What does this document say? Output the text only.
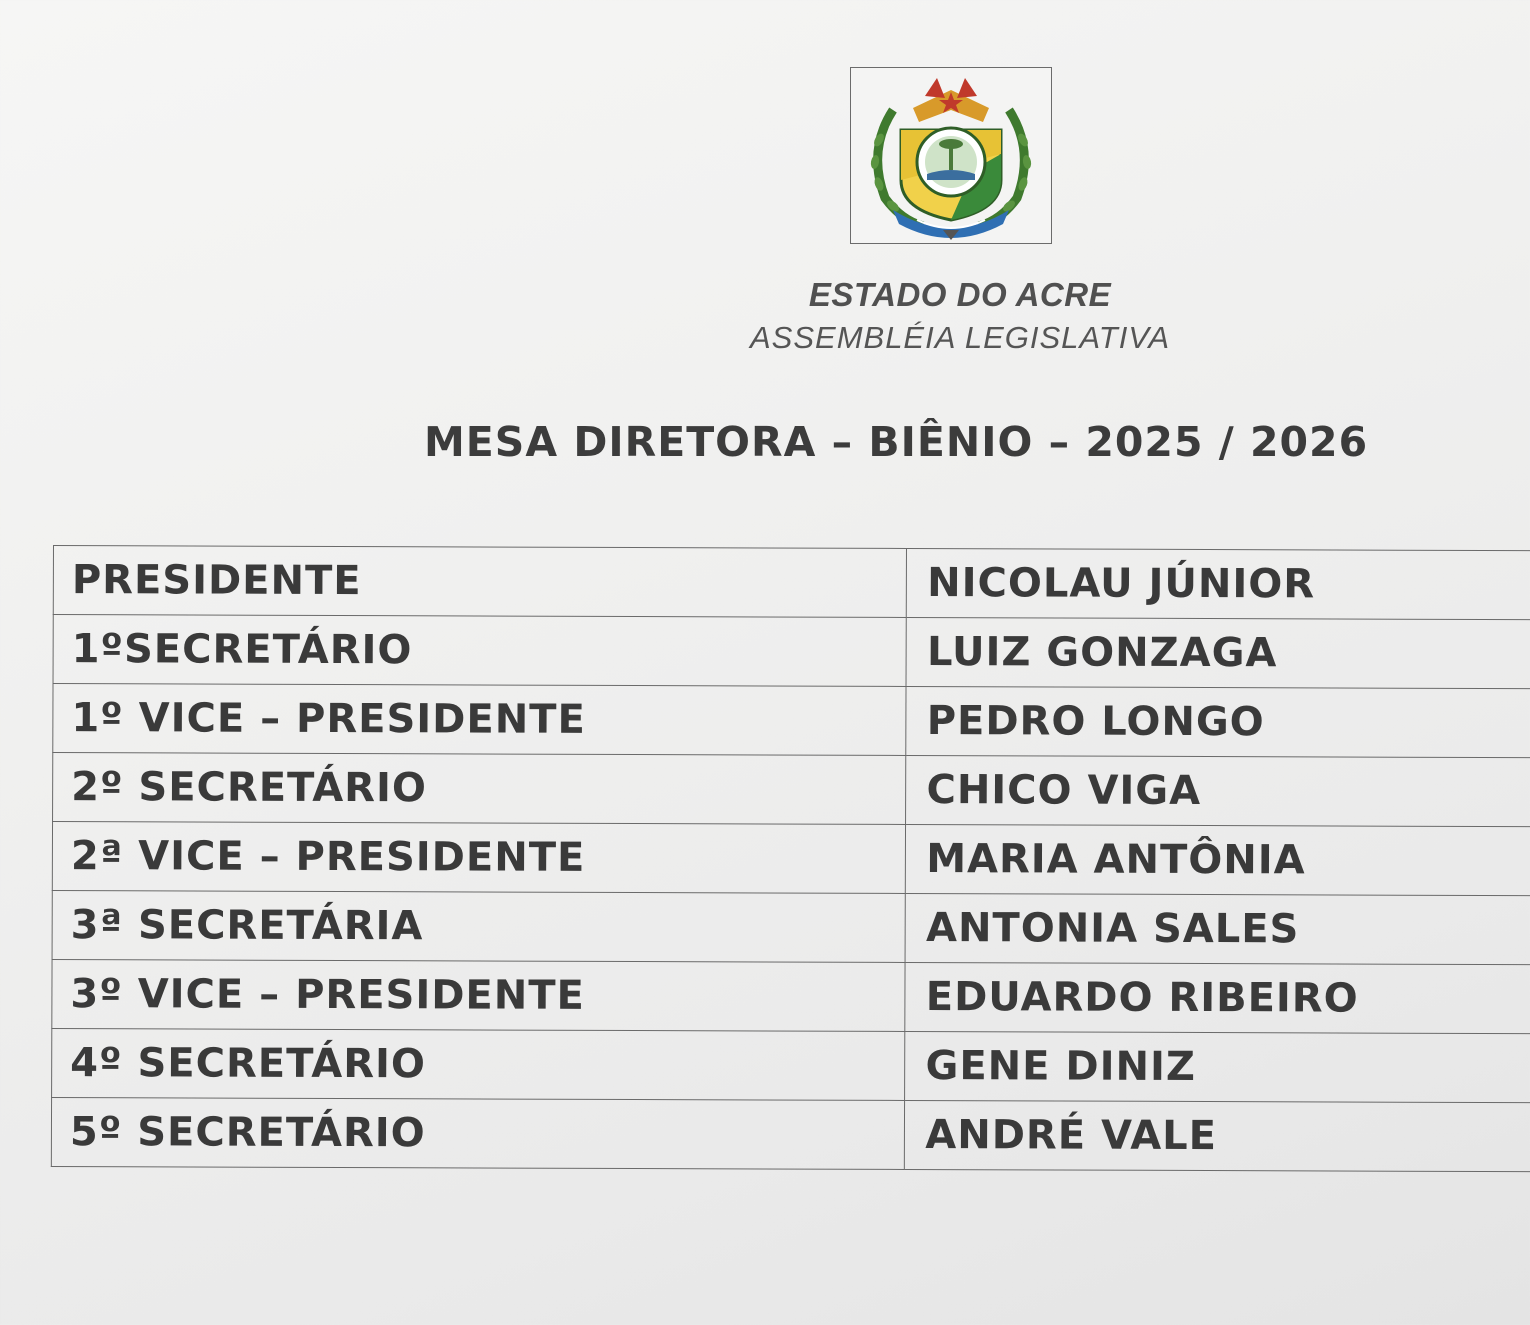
ESTADO DO ACRE
ASSEMBLÉIA LEGISLATIVA
MESA DIRETORA – BIÊNIO – 2025 / 2026
PRESIDENTE	NICOLAU JÚNIOR
1ºSECRETÁRIO	LUIZ GONZAGA
1º VICE – PRESIDENTE	PEDRO LONGO
2º SECRETÁRIO	CHICO VIGA
2ª VICE – PRESIDENTE	MARIA ANTÔNIA
3ª SECRETÁRIA	ANTONIA SALES
3º VICE – PRESIDENTE	EDUARDO RIBEIRO
4º SECRETÁRIO	GENE DINIZ
5º SECRETÁRIO	ANDRÉ VALE
